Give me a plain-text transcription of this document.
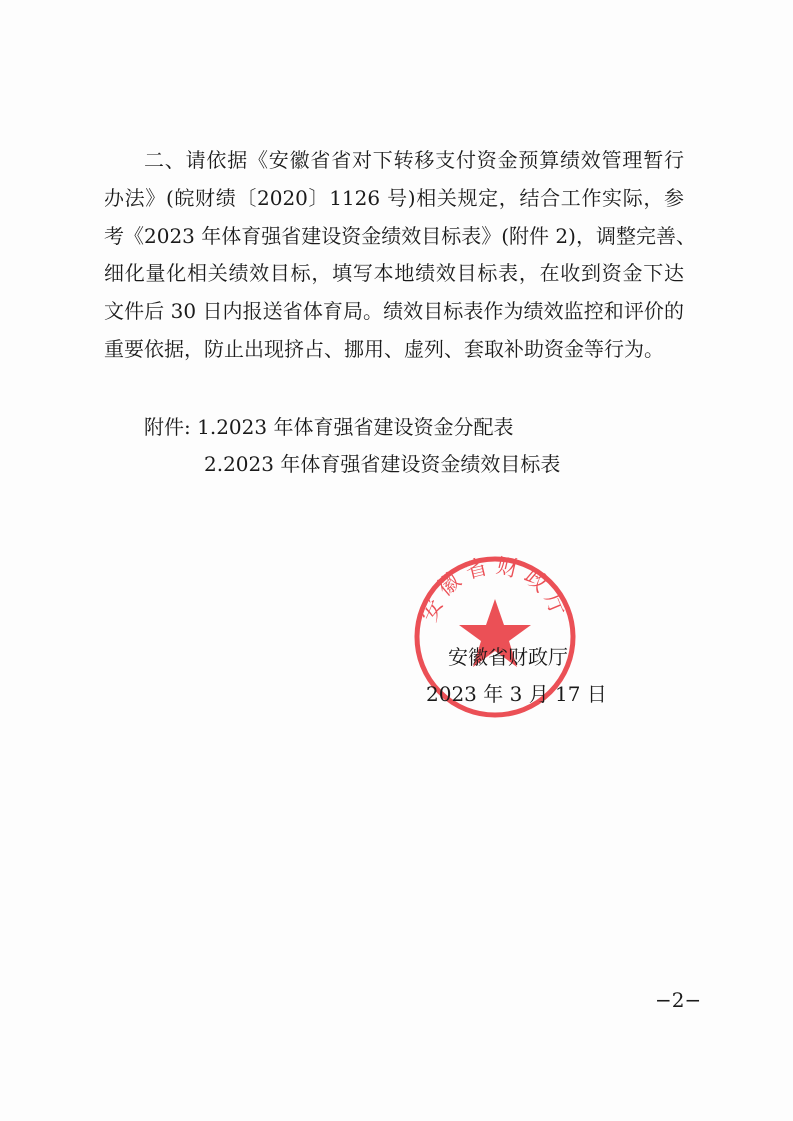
二、请依据《安徽省省对下转移支付资金预算绩效管理暂行
办法》(皖财绩〔2020〕1126 号)相关规定，结合工作实际，参
考《2023 年体育强省建设资金绩效目标表》(附件 2)，调整完善、
细化量化相关绩效目标，填写本地绩效目标表，在收到资金下达
文件后 30 日内报送省体育局。绩效目标表作为绩效监控和评价的
重要依据，防止出现挤占、挪用、虚列、套取补助资金等行为。

附件: 1.2023 年体育强省建设资金分配表
2.2023 年体育强省建设资金绩效目标表
安徽省财政厅
安徽省财政厅
2023 年 3 月 17 日
−2−
